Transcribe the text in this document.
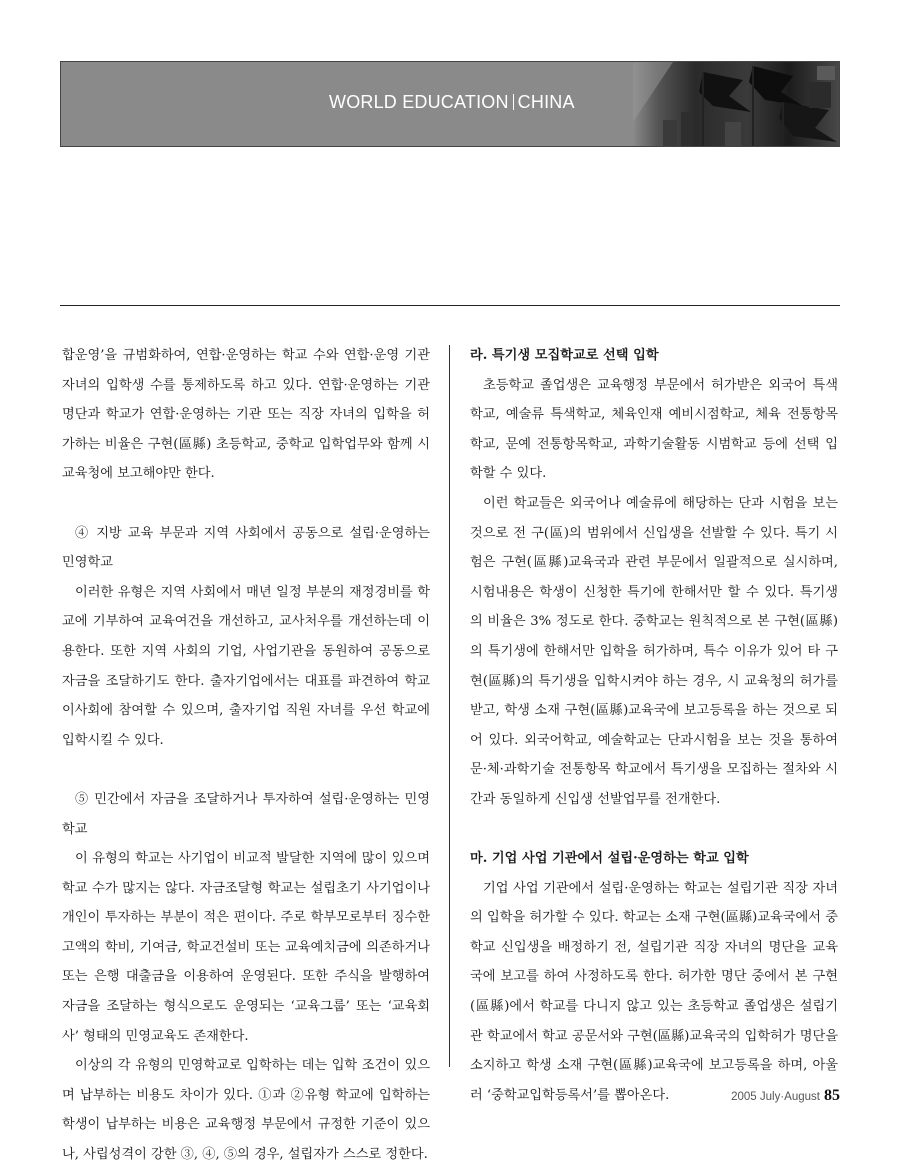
WORLD EDUCATION CHINA

합운영’을 규범화하여, 연합·운영하는 학교 수와 연합·운영 기관 자녀의 입학생 수를 통제하도록 하고 있다. 연합·운영하는 기관 명단과 학교가 연합·운영하는 기관 또는 직장 자녀의 입학을 허가하는 비율은 구현(區縣) 초등학교, 중학교 입학업무와 함께 시 교육청에 보고해야만 한다.

④ 지방 교육 부문과 지역 사회에서 공동으로 설립·운영하는 민영학교

이러한 유형은 지역 사회에서 매년 일정 부분의 재정경비를 학교에 기부하여 교육여건을 개선하고, 교사처우를 개선하는데 이용한다. 또한 지역 사회의 기업, 사업기관을 동원하여 공동으로 자금을 조달하기도 한다. 출자기업에서는 대표를 파견하여 학교 이사회에 참여할 수 있으며, 출자기업 직원 자녀를 우선 학교에 입학시킬 수 있다.

⑤ 민간에서 자금을 조달하거나 투자하여 설립·운영하는 민영학교

이 유형의 학교는 사기업이 비교적 발달한 지역에 많이 있으며 학교 수가 많지는 않다. 자금조달형 학교는 설립초기 사기업이나 개인이 투자하는 부분이 적은 편이다. 주로 학부모로부터 징수한 고액의 학비, 기여금, 학교건설비 또는 교육예치금에 의존하거나 또는 은행 대출금을 이용하여 운영된다. 또한 주식을 발행하여 자금을 조달하는 형식으로도 운영되는 ‘교육그룹’ 또는 ‘교육회사’ 형태의 민영교육도 존재한다.

이상의 각 유형의 민영학교로 입학하는 데는 입학 조건이 있으며 납부하는 비용도 차이가 있다. ①과 ②유형 학교에 입학하는 학생이 납부하는 비용은 교육행정 부문에서 규정한 기준이 있으나, 사립성격이 강한 ③, ④, ⑤의 경우, 설립자가 스스로 정한다.

라. 특기생 모집학교로 선택 입학

초등학교 졸업생은 교육행정 부문에서 허가받은 외국어 특색학교, 예술류 특색학교, 체육인재 예비시점학교, 체육 전통항목학교, 문예 전통항목학교, 과학기술활동 시범학교 등에 선택 입학할 수 있다.

이런 학교들은 외국어나 예술류에 해당하는 단과 시험을 보는 것으로 전 구(區)의 범위에서 신입생을 선발할 수 있다. 특기 시험은 구현(區縣)교육국과 관련 부문에서 일괄적으로 실시하며, 시험내용은 학생이 신청한 특기에 한해서만 할 수 있다. 특기생의 비율은 3% 정도로 한다. 중학교는 원칙적으로 본 구현(區縣)의 특기생에 한해서만 입학을 허가하며, 특수 이유가 있어 타 구현(區縣)의 특기생을 입학시켜야 하는 경우, 시 교육청의 허가를 받고, 학생 소재 구현(區縣)교육국에 보고등록을 하는 것으로 되어 있다. 외국어학교, 예술학교는 단과시험을 보는 것을 통하여 문·체·과학기술 전통항목 학교에서 특기생을 모집하는 절차와 시간과 동일하게 신입생 선발업무를 전개한다.

마. 기업 사업 기관에서 설립·운영하는 학교 입학

기업 사업 기관에서 설립·운영하는 학교는 설립기관 직장 자녀의 입학을 허가할 수 있다. 학교는 소재 구현(區縣)교육국에서 중학교 신입생을 배정하기 전, 설립기관 직장 자녀의 명단을 교육국에 보고를 하여 사정하도록 한다. 허가한 명단 중에서 본 구현(區縣)에서 학교를 다니지 않고 있는 초등학교 졸업생은 설립기관 학교에서 학교 공문서와 구현(區縣)교육국의 입학허가 명단을 소지하고 학생 소재 구현(區縣)교육국에 보고등록을 하며, 아울러 ‘중학교입학등록서’를 뽑아온다.	2005 July·August 85
